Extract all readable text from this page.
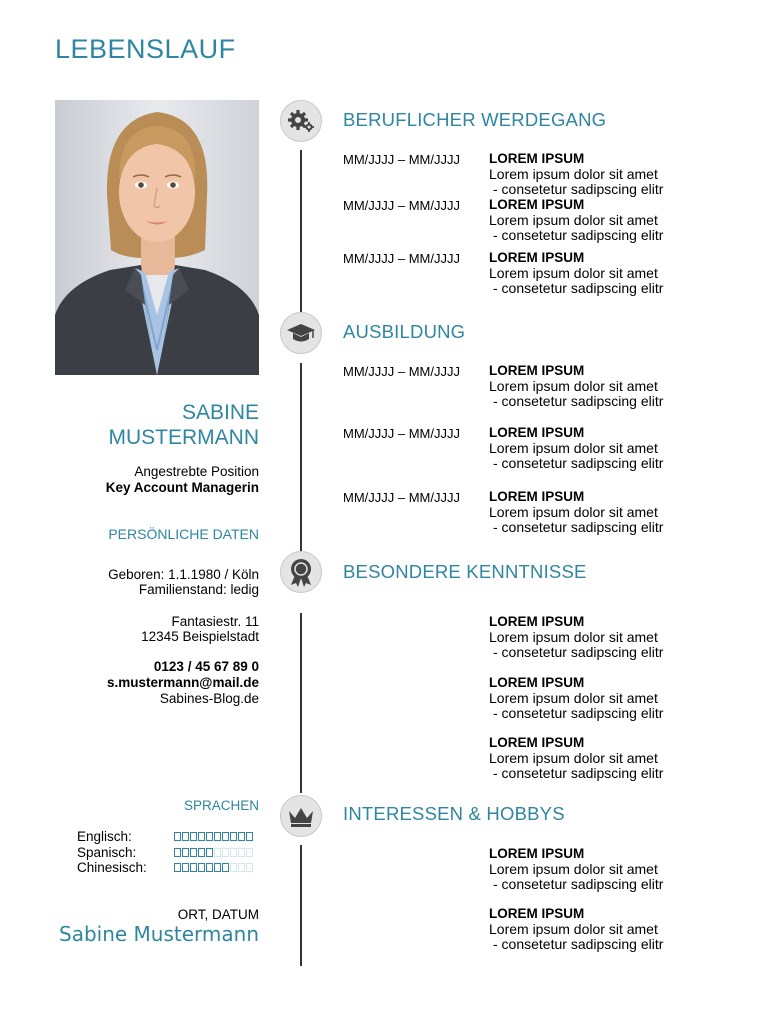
LEBENSLAUF
SABINE
MUSTERMANN
Angestrebte Position
Key Account Managerin
PERSÖNLICHE DATEN
Geboren: 1.1.1980 / Köln
Familienstand: ledig
Fantasiestr. 11
12345 Beispielstadt
0123 / 45 67 89 0
s.mustermann@mail.de
Sabines-Blog.de
SPRACHEN
Englisch:
Spanisch:
Chinesisch:
ORT, DATUM
Sabine Mustermann
BERUFLICHER WERDEGANG
AUSBILDUNG
BESONDERE KENNTNISSE
INTERESSEN & HOBBYS
MM/JJJJ – MM/JJJJ LOREM IPSUM
Lorem ipsum dolor sit amet
- consetetur sadipscing elitr
MM/JJJJ – MM/JJJJ LOREM IPSUM
Lorem ipsum dolor sit amet
- consetetur sadipscing elitr
MM/JJJJ – MM/JJJJ LOREM IPSUM
Lorem ipsum dolor sit amet
- consetetur sadipscing elitr
MM/JJJJ – MM/JJJJ LOREM IPSUM
Lorem ipsum dolor sit amet
- consetetur sadipscing elitr
MM/JJJJ – MM/JJJJ LOREM IPSUM
Lorem ipsum dolor sit amet
- consetetur sadipscing elitr
MM/JJJJ – MM/JJJJ LOREM IPSUM
Lorem ipsum dolor sit amet
- consetetur sadipscing elitr
LOREM IPSUM
Lorem ipsum dolor sit amet
- consetetur sadipscing elitr
LOREM IPSUM
Lorem ipsum dolor sit amet
- consetetur sadipscing elitr
LOREM IPSUM
Lorem ipsum dolor sit amet
- consetetur sadipscing elitr
LOREM IPSUM
Lorem ipsum dolor sit amet
- consetetur sadipscing elitr
LOREM IPSUM
Lorem ipsum dolor sit amet
- consetetur sadipscing elitr
